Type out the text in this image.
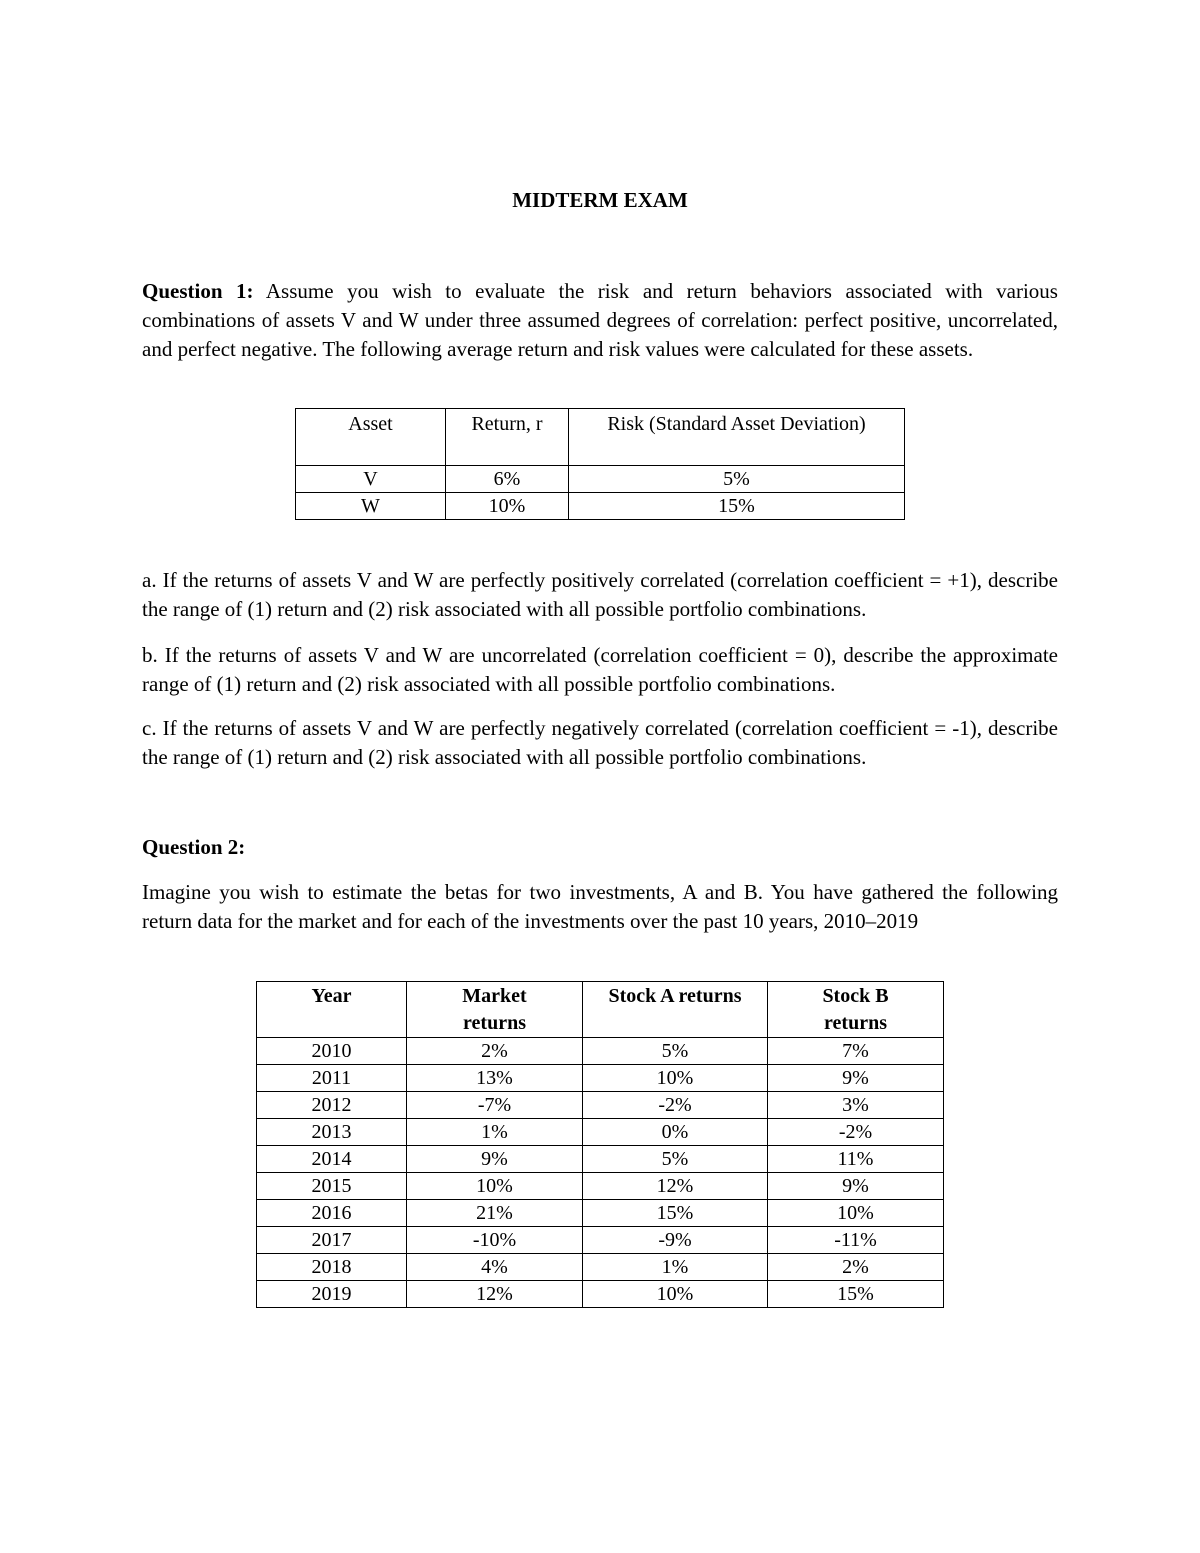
MIDTERM EXAM

Question 1: Assume you wish to evaluate the risk and return behaviors associated with various combinations of assets V and W under three assumed degrees of correlation: perfect positive, uncorrelated, and perfect negative. The following average return and risk values were calculated for these assets.

Asset	Return, r	Risk (Standard Asset Deviation)
V	6%	5%
W	10%	15%

a. If the returns of assets V and W are perfectly positively correlated (correlation coefficient = +1), describe the range of (1) return and (2) risk associated with all possible portfolio combinations.

b. If the returns of assets V and W are uncorrelated (correlation coefficient = 0), describe the approximate range of (1) return and (2) risk associated with all possible portfolio combinations.

c. If the returns of assets V and W are perfectly negatively correlated (correlation coefficient = -1), describe the range of (1) return and (2) risk associated with all possible portfolio combinations.

Question 2:

Imagine you wish to estimate the betas for two investments, A and B. You have gathered the following return data for the market and for each of the investments over the past 10 years, 2010–2019

Year	Market returns	Stock A returns	Stock B returns
2010	2%	5%	7%
2011	13%	10%	9%
2012	-7%	-2%	3%
2013	1%	0%	-2%
2014	9%	5%	11%
2015	10%	12%	9%
2016	21%	15%	10%
2017	-10%	-9%	-11%
2018	4%	1%	2%
2019	12%	10%	15%
